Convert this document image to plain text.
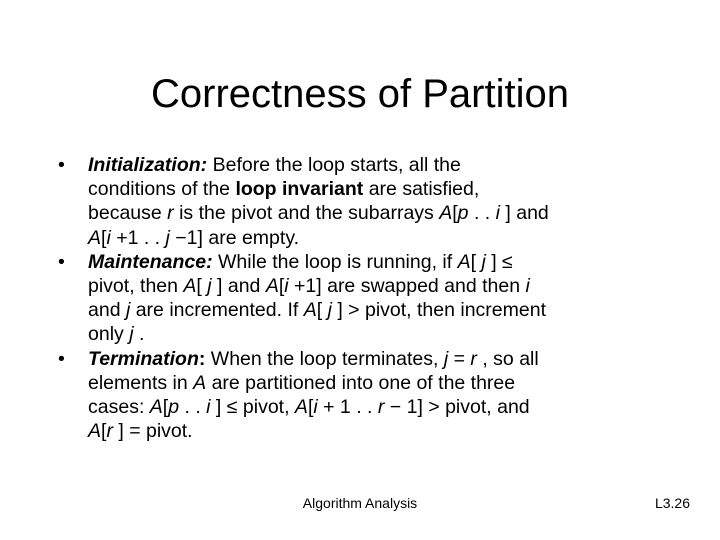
Correctness of Partition
• Initialization: Before the loop starts, all the
conditions of the loop invariant are satisfied,
because r is the pivot and the subarrays A[p . . i ] and
A[i +1 . . j −1] are empty.
• Maintenance: While the loop is running, if A[ j ] ≤
pivot, then A[ j ] and A[i +1] are swapped and then i
and j are incremented. If A[ j ] > pivot, then increment
only j .
• Termination: When the loop terminates, j = r , so all
elements in A are partitioned into one of the three
cases: A[p . . i ] ≤ pivot, A[i + 1 . . r − 1] > pivot, and
A[r ] = pivot.
Algorithm Analysis	L3.26
